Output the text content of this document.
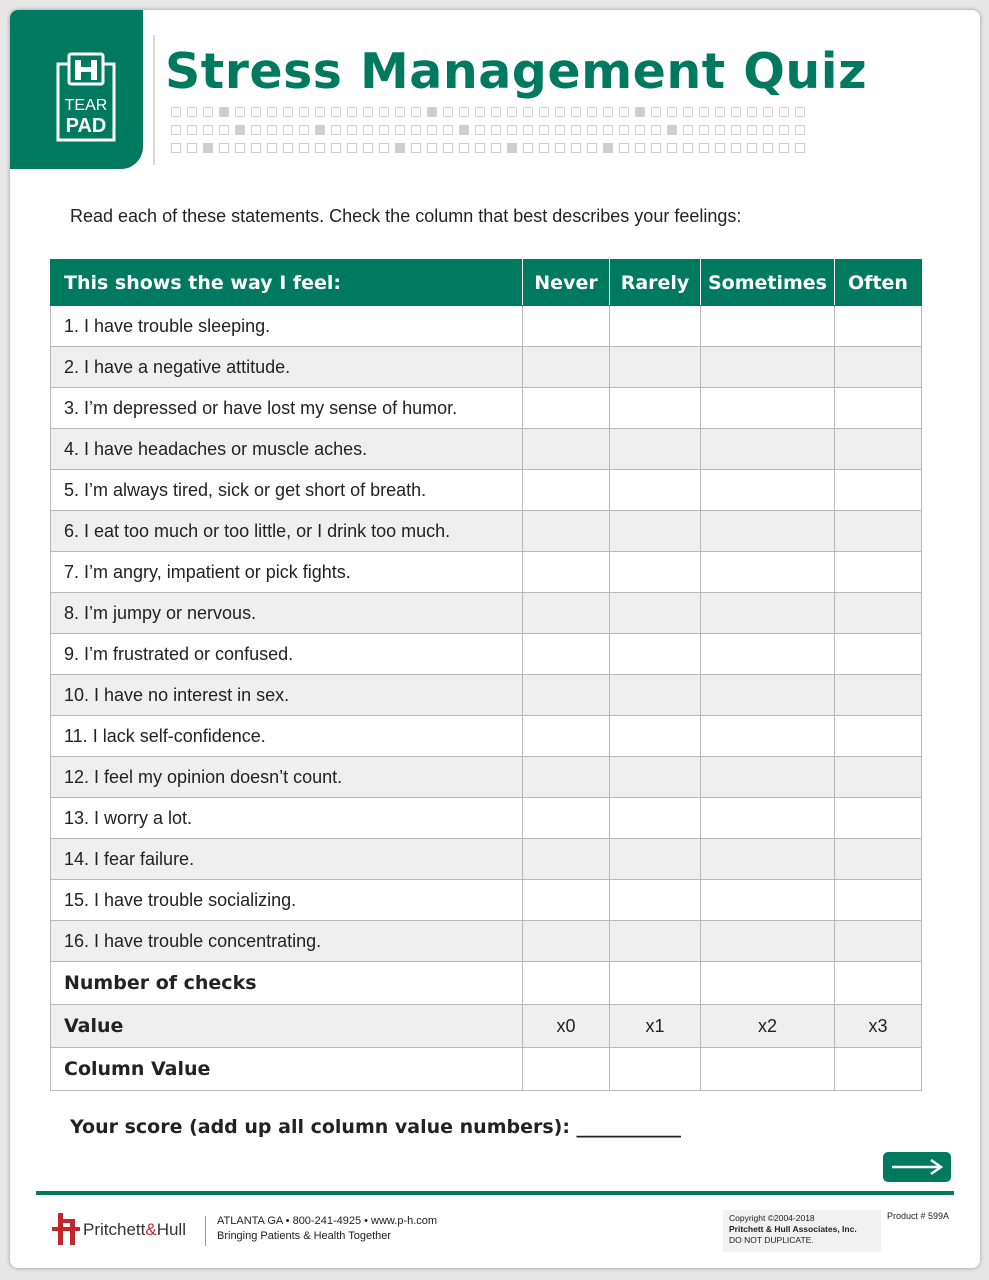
TEAR
PAD
Stress Management Quiz
Read each of these statements. Check the column that best describes your feelings:
This shows the way I feel:	Never	Rarely	Sometimes	Often
1. I have trouble sleeping.				
2. I have a negative attitude.				
3. I’m depressed or have lost my sense of humor.				
4. I have headaches or muscle aches.				
5. I’m always tired, sick or get short of breath.				
6. I eat too much or too little, or I drink too much.				
7. I’m angry, impatient or pick fights.				
8. I’m jumpy or nervous.				
9. I’m frustrated or confused.				
10. I have no interest in sex.				
11. I lack self-confidence.				
12. I feel my opinion doesn’t count.				
13. I worry a lot.				
14. I fear failure.				
15. I have trouble socializing.				
16. I have trouble concentrating.				
Number of checks				
Value	x0	x1	x2	x3
Column Value				
Your score (add up all column value numbers): ___________
Pritchett&Hull	ATLANTA GA • 800-241-4925 • www.p-h.com
Bringing Patients & Health Together
Copyright ©2004-2018
Pritchett & Hull Associates, Inc.
DO NOT DUPLICATE.
Product # 599A
